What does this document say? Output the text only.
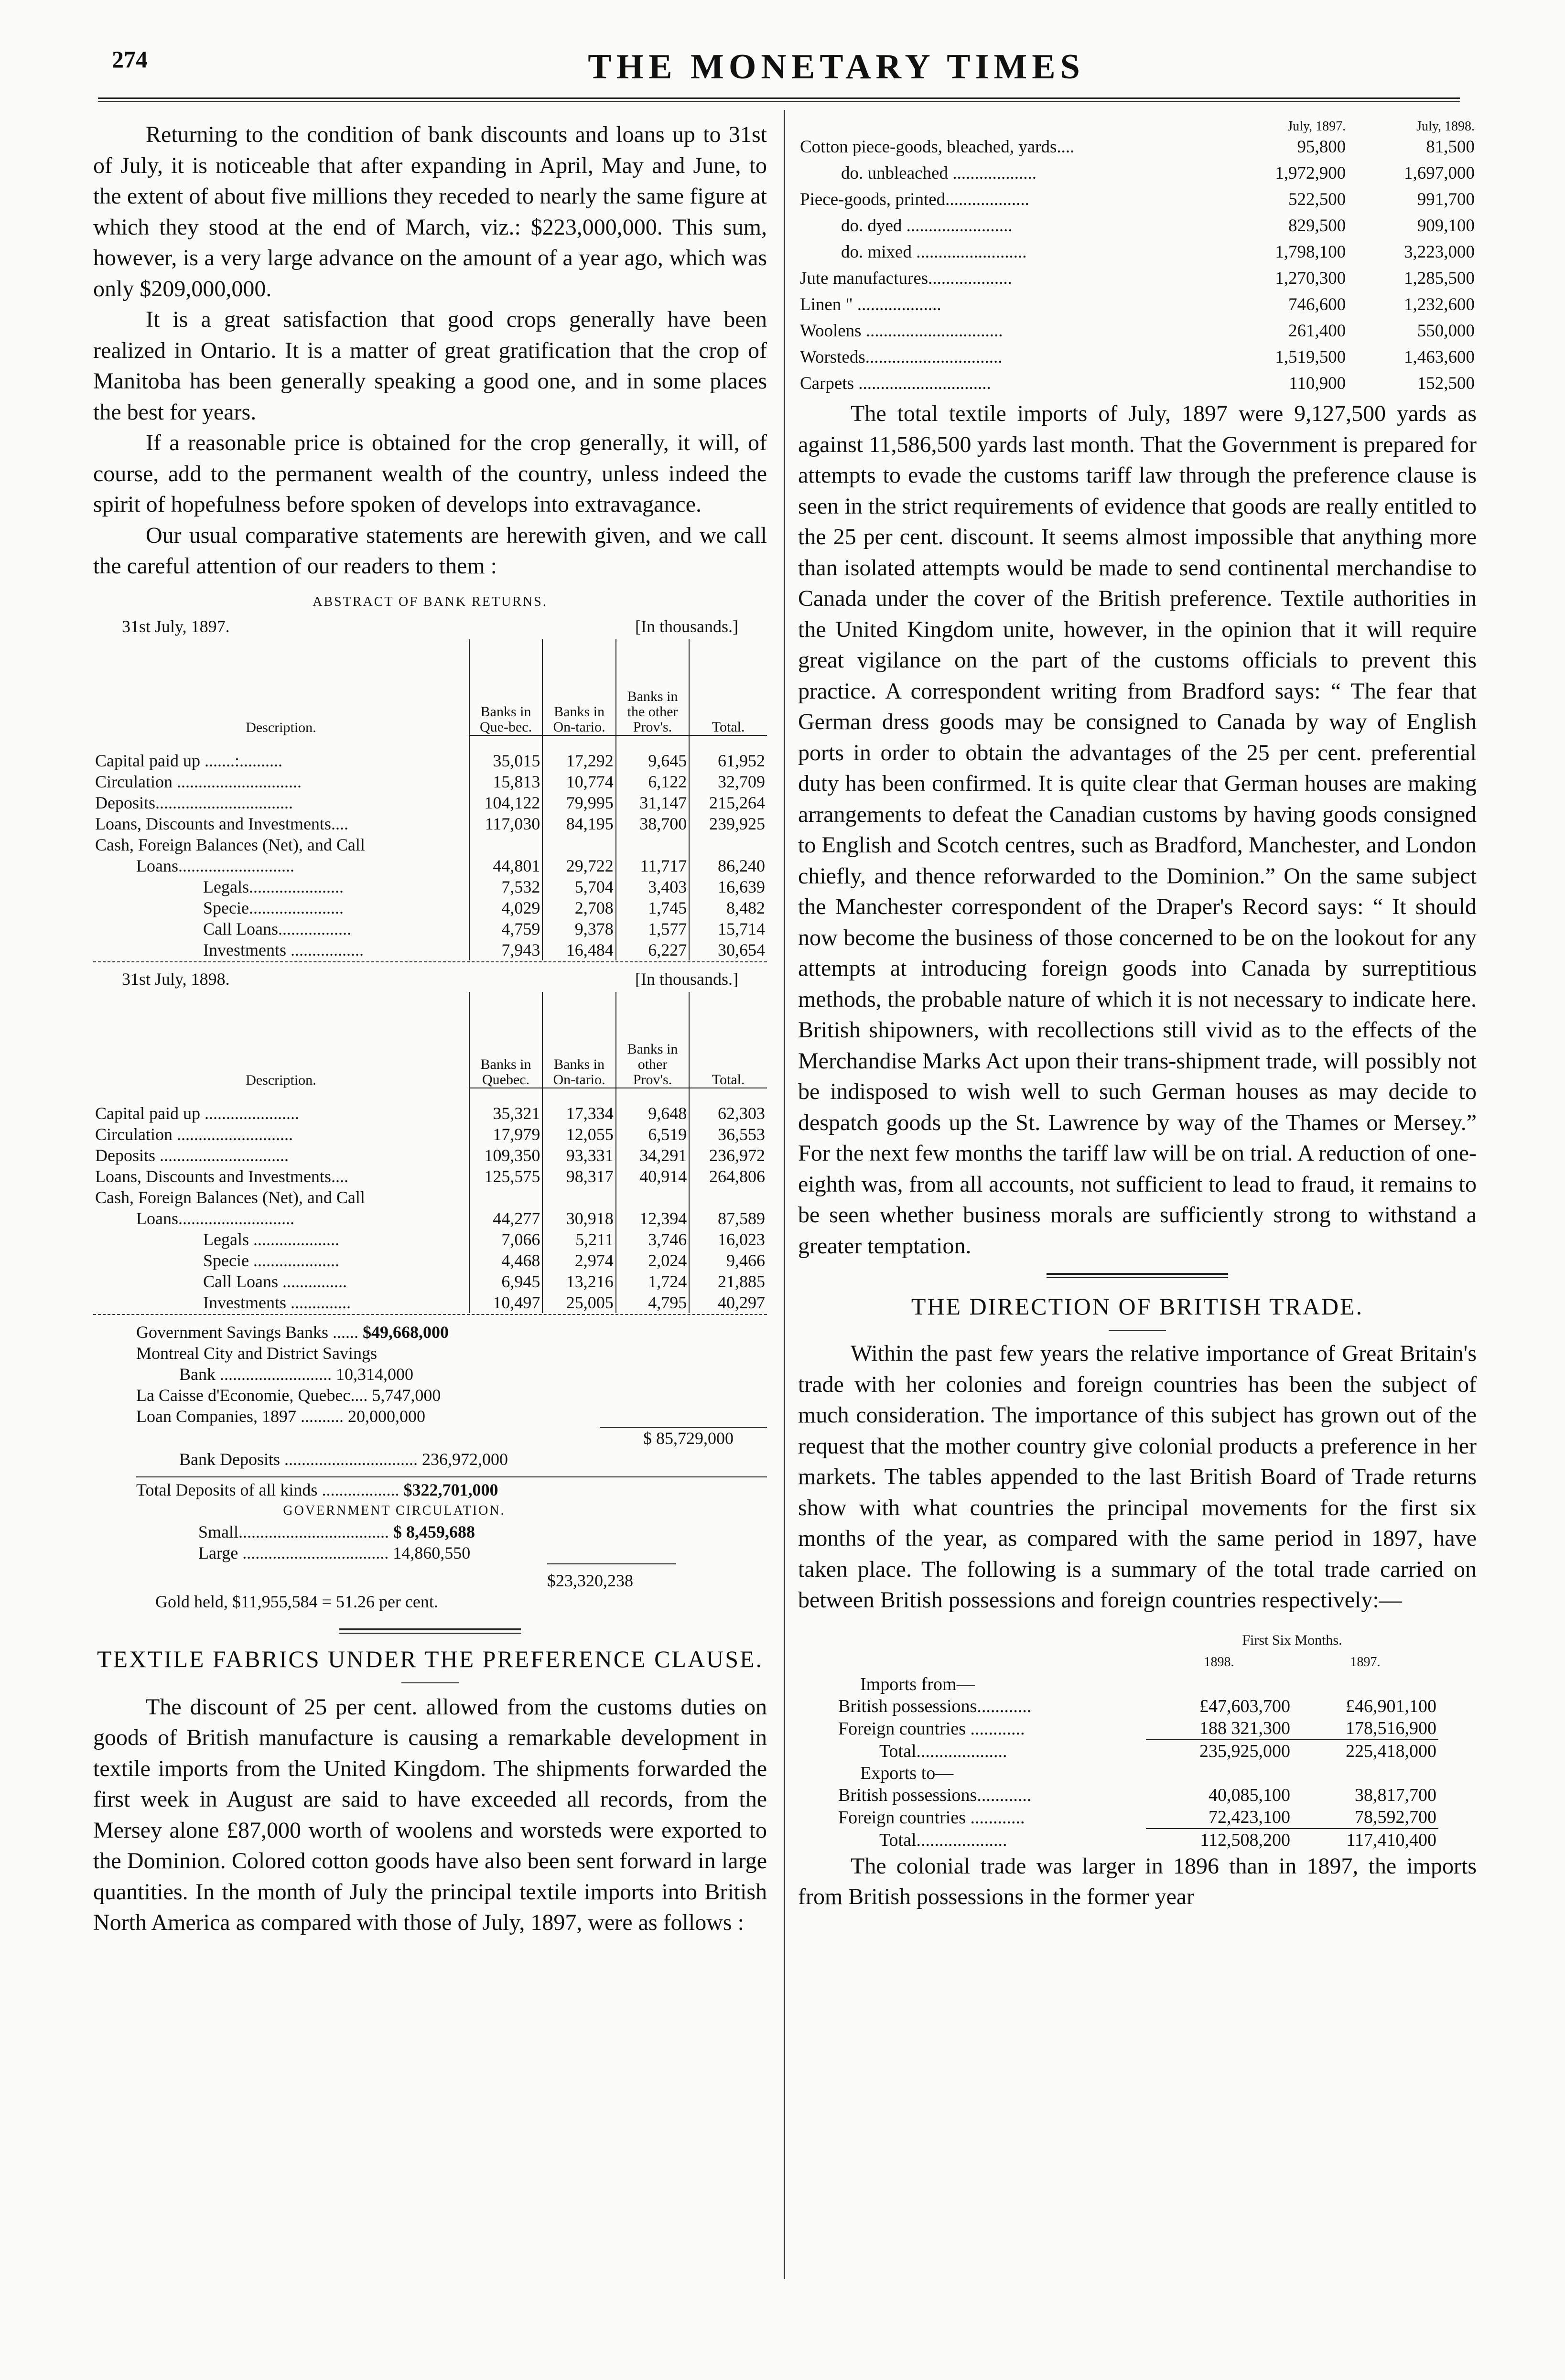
274	THE MONETARY TIMES

Returning to the condition of bank discounts and loans up to 31st of July, it is noticeable that after expanding in April, May and June, to the extent of about five millions they receded to nearly the same figure at which they stood at the end of March, viz.: $223,000,000. This sum, however, is a very large advance on the amount of a year ago, which was only $209,000,000.

It is a great satisfaction that good crops generally have been realized in Ontario. It is a matter of great gratification that the crop of Manitoba has been generally speaking a good one, and in some places the best for years.

If a reasonable price is obtained for the crop generally, it will, of course, add to the permanent wealth of the country, unless indeed the spirit of hopefulness before spoken of develops into extravagance.

Our usual comparative statements are herewith given, and we call the careful attention of our readers to them :

ABSTRACT OF BANK RETURNS.
31st July, 1897.	[In thousands.]
Description.	Banks in Que-bec.	Banks in On-tario.	Banks in the other Prov's.	Total.

Capital paid up .......:..........	35,015	17,292	9,645	61,952
Circulation .............................	15,813	10,774	6,122	32,709
Deposits................................	104,122	79,995	31,147	215,264
Loans, Discounts and Investments....	117,030	84,195	38,700	239,925
Cash, Foreign Balances (Net), and Call				
Loans...........................	44,801	29,722	11,717	86,240
Legals......................	7,532	5,704	3,403	16,639
Specie......................	4,029	2,708	1,745	8,482
Call Loans.................	4,759	9,378	1,577	15,714
Investments .................	7,943	16,484	6,227	30,654
31st July, 1898.	[In thousands.]
Description.	Banks in Quebec.	Banks in On-tario.	Banks in other Prov's.	Total.

Capital paid up ......................	35,321	17,334	9,648	62,303
Circulation ...........................	17,979	12,055	6,519	36,553
Deposits ..............................	109,350	93,331	34,291	236,972
Loans, Discounts and Investments....	125,575	98,317	40,914	264,806
Cash, Foreign Balances (Net), and Call				
Loans...........................	44,277	30,918	12,394	87,589
Legals ....................	7,066	5,211	3,746	16,023
Specie ....................	4,468	2,974	2,024	9,466
Call Loans ...............	6,945	13,216	1,724	21,885
Investments ..............	10,497	25,005	4,795	40,297
Government Savings Banks ...... $49,668,000
Montreal City and District Savings
Bank .......................... 10,314,000
La Caisse d'Economie, Quebec.... 5,747,000
Loan Companies, 1897 .......... 20,000,000
$ 85,729,000
Bank Deposits ............................... 236,972,000
Total Deposits of all kinds .................. $322,701,000
GOVERNMENT CIRCULATION.
Small................................... $ 8,459,688
Large .................................. 14,860,550
$23,320,238
Gold held, $11,955,584 = 51.26 per cent.

TEXTILE FABRICS UNDER THE PREFERENCE CLAUSE.

The discount of 25 per cent. allowed from the customs duties on goods of British manufacture is causing a remarkable development in textile imports from the United Kingdom. The shipments forwarded the first week in August are said to have exceeded all records, from the Mersey alone £87,000 worth of woolens and worsteds were exported to the Dominion. Colored cotton goods have also been sent forward in large quantities. In the month of July the principal textile imports into British North America as compared with those of July, 1897, were as follows :

	July, 1897.	July, 1898.
Cotton piece-goods, bleached, yards....	95,800	81,500
do. unbleached ...................	1,972,900	1,697,000
Piece-goods, printed...................	522,500	991,700
do. dyed ........................	829,500	909,100
do. mixed .........................	1,798,100	3,223,000
Jute manufactures...................	1,270,300	1,285,500
Linen " ...................	746,600	1,232,600
Woolens ...............................	261,400	550,000
Worsteds...............................	1,519,500	1,463,600
Carpets ..............................	110,900	152,500

The total textile imports of July, 1897 were 9,127,500 yards as against 11,586,500 yards last month. That the Government is prepared for attempts to evade the customs tariff law through the preference clause is seen in the strict requirements of evidence that goods are really entitled to the 25 per cent. discount. It seems almost impossible that anything more than isolated attempts would be made to send continental merchandise to Canada under the cover of the British preference. Textile authorities in the United Kingdom unite, however, in the opinion that it will require great vigilance on the part of the customs officials to prevent this practice. A correspondent writing from Bradford says: “ The fear that German dress goods may be consigned to Canada by way of English ports in order to obtain the advantages of the 25 per cent. preferential duty has been confirmed. It is quite clear that German houses are making arrangements to defeat the Canadian customs by having goods consigned to English and Scotch centres, such as Bradford, Manchester, and London chiefly, and thence reforwarded to the Dominion.” On the same subject the Manchester correspondent of the Draper's Record says: “ It should now become the business of those concerned to be on the lookout for any attempts at introducing foreign goods into Canada by surreptitious methods, the probable nature of which it is not necessary to indicate here. British shipowners, with recollections still vivid as to the effects of the Merchandise Marks Act upon their trans-shipment trade, will possibly not be indisposed to wish well to such German houses as may decide to despatch goods up the St. Lawrence by way of the Thames or Mersey.” For the next few months the tariff law will be on trial. A reduction of one-eighth was, from all accounts, not sufficient to lead to fraud, it remains to be seen whether business morals are sufficiently strong to withstand a greater temptation.

THE DIRECTION OF BRITISH TRADE.

Within the past few years the relative importance of Great Britain's trade with her colonies and foreign countries has been the subject of much consideration. The importance of this subject has grown out of the request that the mother country give colonial products a preference in her markets. The tables appended to the last British Board of Trade returns show with what countries the principal movements for the first six months of the year, as compared with the same period in 1897, have taken place. The following is a summary of the total trade carried on between British possessions and foreign countries respectively:—

	First Six Months.	
	1898.	1897.
Imports from—		
British possessions............	£47,603,700	£46,901,100
Foreign countries ............	188 321,300	178,516,900
Total....................	235,925,000	225,418,000
Exports to—		
British possessions............	40,085,100	38,817,700
Foreign countries ............	72,423,100	78,592,700
Total....................	112,508,200	117,410,400

The colonial trade was larger in 1896 than in 1897, the imports from British possessions in the former year
